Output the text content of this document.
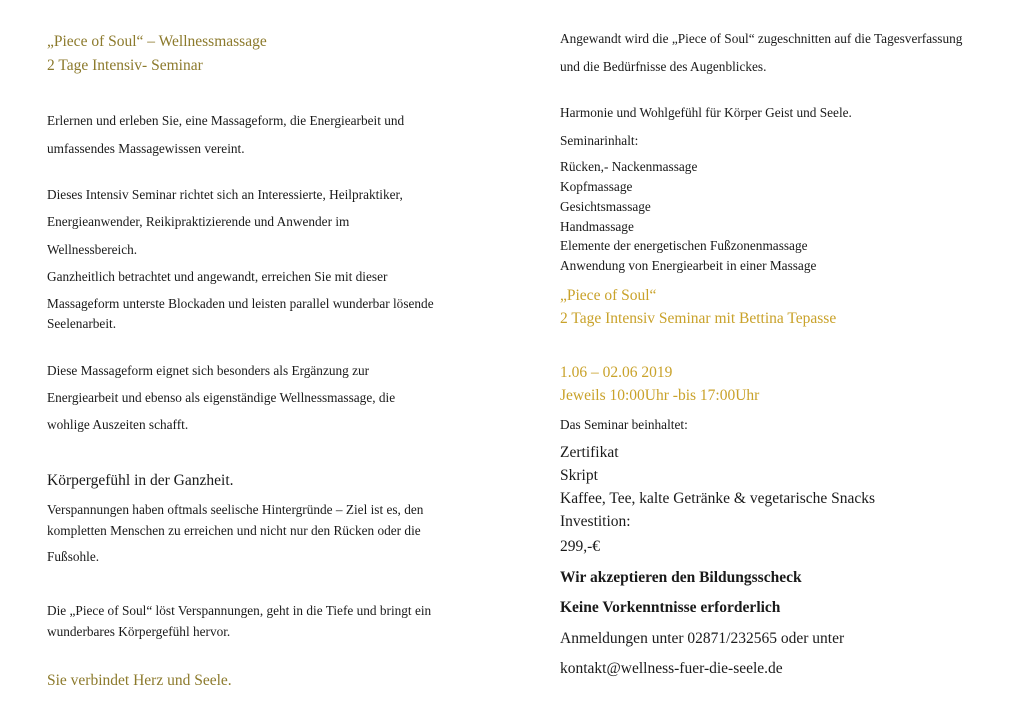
„Piece of Soul“ – Wellnessmassage
2 Tage Intensiv- Seminar
Erlernen und erleben Sie, eine Massageform, die Energiearbeit und
umfassendes Massagewissen vereint.
Dieses Intensiv Seminar richtet sich an Interessierte, Heilpraktiker,
Energieanwender, Reikipraktizierende und Anwender im
Wellnessbereich.
Ganzheitlich betrachtet und angewandt, erreichen Sie mit dieser
Massageform unterste Blockaden und leisten parallel wunderbar lösende
Seelenarbeit.
Diese Massageform eignet sich besonders als Ergänzung zur
Energiearbeit und ebenso als eigenständige Wellnessmassage, die
wohlige Auszeiten schafft.
Körpergefühl in der Ganzheit.
Verspannungen haben oftmals seelische Hintergründe – Ziel ist es, den
kompletten Menschen zu erreichen und nicht nur den Rücken oder die
Fußsohle.
Die „Piece of Soul“ löst Verspannungen, geht in die Tiefe und bringt ein
wunderbares Körpergefühl hervor.
Sie verbindet Herz und Seele.
Angewandt wird die „Piece of Soul“ zugeschnitten auf die Tagesverfassung
und die Bedürfnisse des Augenblickes.
Harmonie und Wohlgefühl für Körper Geist und Seele.
Seminarinhalt:
Rücken,- Nackenmassage
Kopfmassage
Gesichtsmassage
Handmassage
Elemente der energetischen Fußzonenmassage
Anwendung von Energiearbeit in einer Massage
„Piece of Soul“
2 Tage Intensiv Seminar mit Bettina Tepasse
1.06 – 02.06 2019
Jeweils 10:00Uhr -bis 17:00Uhr
Das Seminar beinhaltet:
Zertifikat
Skript
Kaffee, Tee, kalte Getränke & vegetarische Snacks
Investition:
299,-€
Wir akzeptieren den Bildungsscheck
Keine Vorkenntnisse erforderlich
Anmeldungen unter 02871/232565 oder unter
kontakt@wellness-fuer-die-seele.de
